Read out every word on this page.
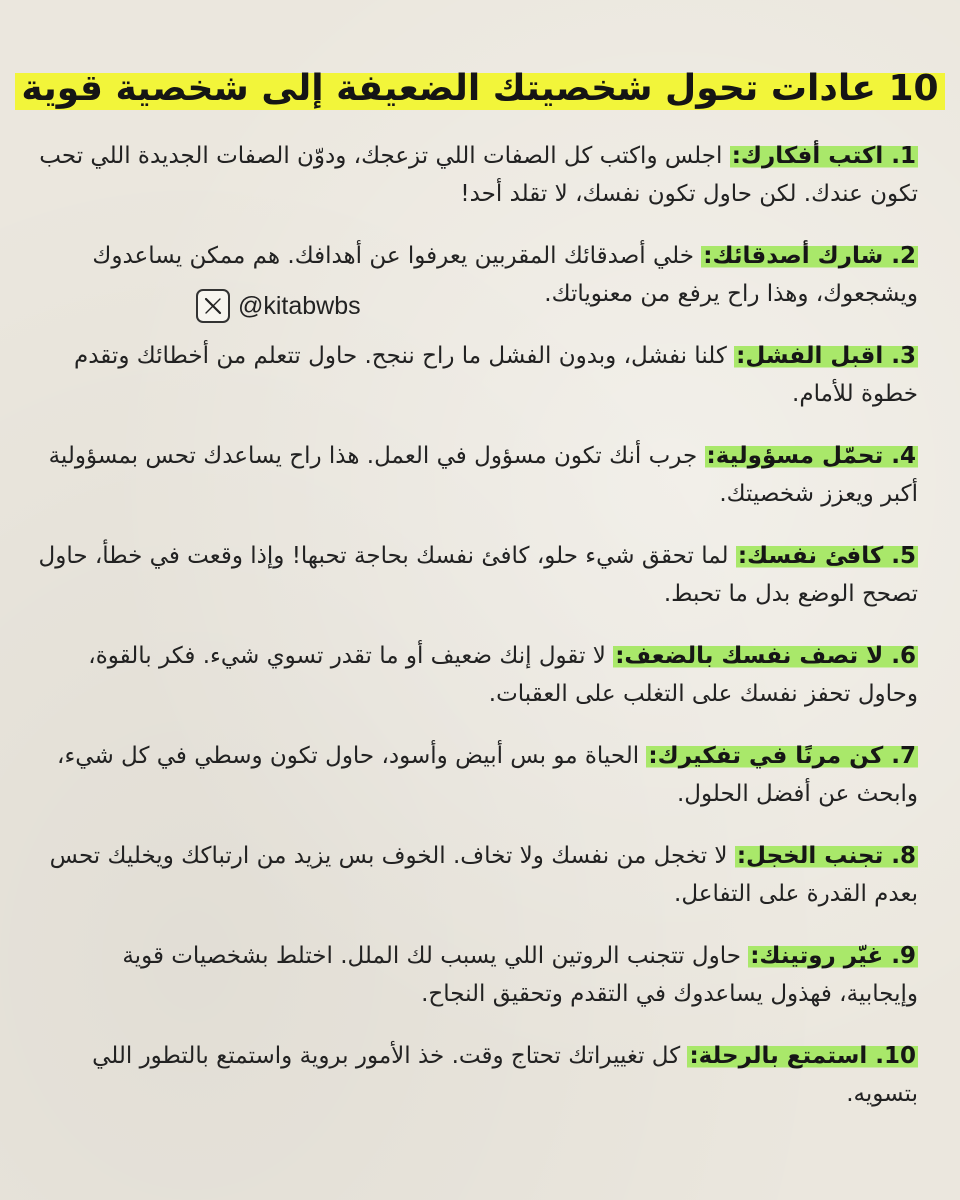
10 عادات تحول شخصيتك الضعيفة إلى شخصية قوية
1. اكتب أفكارك: اجلس واكتب كل الصفات اللي تزعجك، ودوّن الصفات الجديدة اللي تحب تكون عندك. لكن حاول تكون نفسك، لا تقلد أحد!
2. شارك أصدقائك: خلي أصدقائك المقربين يعرفوا عن أهدافك. هم ممكن يساعدوك ويشجعوك، وهذا راح يرفع من معنوياتك.
3. اقبل الفشل: كلنا نفشل، وبدون الفشل ما راح ننجح. حاول تتعلم من أخطائك وتقدم خطوة للأمام.
4. تحمّل مسؤولية: جرب أنك تكون مسؤول في العمل. هذا راح يساعدك تحس بمسؤولية أكبر ويعزز شخصيتك.
5. كافئ نفسك: لما تحقق شيء حلو، كافئ نفسك بحاجة تحبها! وإذا وقعت في خطأ، حاول تصحح الوضع بدل ما تحبط.
6. لا تصف نفسك بالضعف: لا تقول إنك ضعيف أو ما تقدر تسوي شيء. فكر بالقوة، وحاول تحفز نفسك على التغلب على العقبات.
7. كن مرنًا في تفكيرك: الحياة مو بس أبيض وأسود، حاول تكون وسطي في كل شيء، وابحث عن أفضل الحلول.
8. تجنب الخجل: لا تخجل من نفسك ولا تخاف. الخوف بس يزيد من ارتباكك ويخليك تحس بعدم القدرة على التفاعل.
9. غيّر روتينك: حاول تتجنب الروتين اللي يسبب لك الملل. اختلط بشخصيات قوية وإيجابية، فهذول يساعدوك في التقدم وتحقيق النجاح.
10. استمتع بالرحلة: كل تغييراتك تحتاج وقت. خذ الأمور بروية واستمتع بالتطور اللي بتسويه.
@kitabwbs
